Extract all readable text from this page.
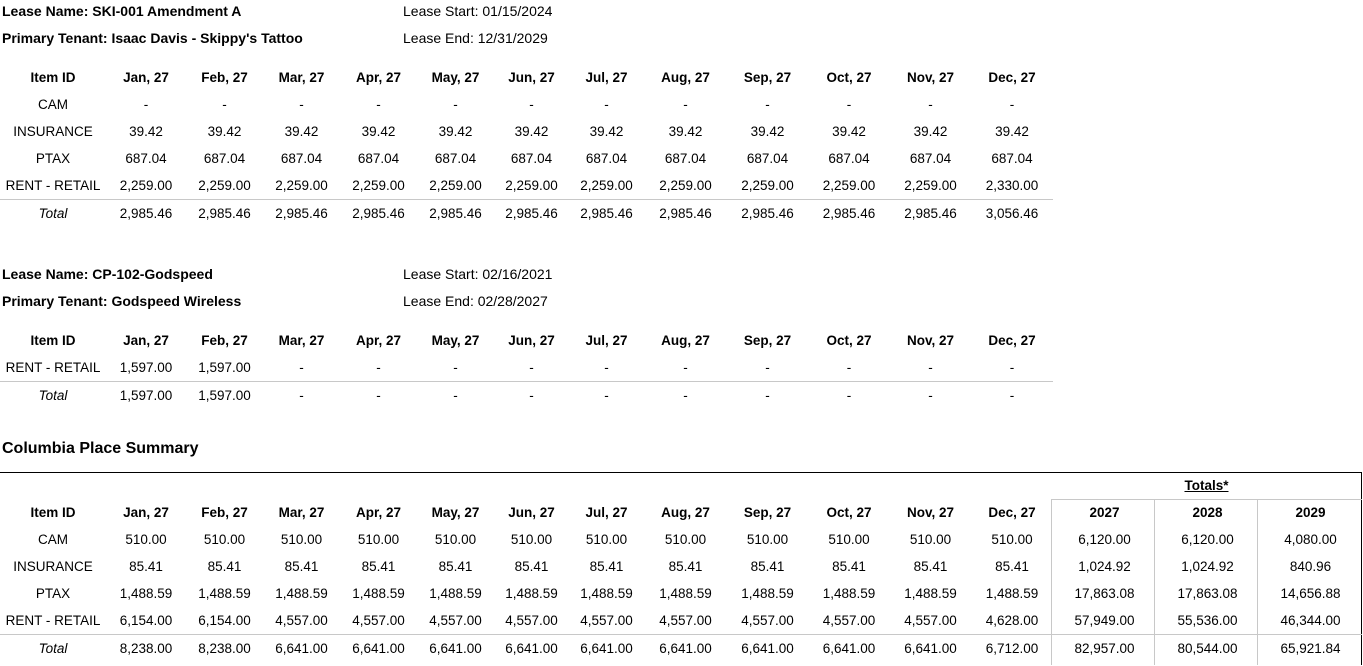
Lease Name: SKI-001 Amendment A
Primary Tenant: Isaac Davis - Skippy's Tattoo
Lease Start: 01/15/2024
Lease End: 12/31/2029
Item ID	Jan, 27	Feb, 27	Mar, 27	Apr, 27	May, 27	Jun, 27	Jul, 27	Aug, 27	Sep, 27	Oct, 27	Nov, 27	Dec, 27
CAM	-	-	-	-	-	-	-	-	-	-	-	-
INSURANCE	39.42	39.42	39.42	39.42	39.42	39.42	39.42	39.42	39.42	39.42	39.42	39.42
PTAX	687.04	687.04	687.04	687.04	687.04	687.04	687.04	687.04	687.04	687.04	687.04	687.04
RENT - RETAIL	2,259.00	2,259.00	2,259.00	2,259.00	2,259.00	2,259.00	2,259.00	2,259.00	2,259.00	2,259.00	2,259.00	2,330.00
Total	2,985.46	2,985.46	2,985.46	2,985.46	2,985.46	2,985.46	2,985.46	2,985.46	2,985.46	2,985.46	2,985.46	3,056.46
Lease Name: CP-102-Godspeed
Primary Tenant: Godspeed Wireless
Lease Start: 02/16/2021
Lease End: 02/28/2027
Item ID	Jan, 27	Feb, 27	Mar, 27	Apr, 27	May, 27	Jun, 27	Jul, 27	Aug, 27	Sep, 27	Oct, 27	Nov, 27	Dec, 27
RENT - RETAIL	1,597.00	1,597.00	-	-	-	-	-	-	-	-	-	-
Total	1,597.00	1,597.00	-	-	-	-	-	-	-	-	-	-
Columbia Place Summary
Totals*
Item ID	Jan, 27	Feb, 27	Mar, 27	Apr, 27	May, 27	Jun, 27	Jul, 27	Aug, 27	Sep, 27	Oct, 27	Nov, 27	Dec, 27	2027	2028	2029
CAM	510.00	510.00	510.00	510.00	510.00	510.00	510.00	510.00	510.00	510.00	510.00	510.00	6,120.00	6,120.00	4,080.00
INSURANCE	85.41	85.41	85.41	85.41	85.41	85.41	85.41	85.41	85.41	85.41	85.41	85.41	1,024.92	1,024.92	840.96
PTAX	1,488.59	1,488.59	1,488.59	1,488.59	1,488.59	1,488.59	1,488.59	1,488.59	1,488.59	1,488.59	1,488.59	1,488.59	17,863.08	17,863.08	14,656.88
RENT - RETAIL	6,154.00	6,154.00	4,557.00	4,557.00	4,557.00	4,557.00	4,557.00	4,557.00	4,557.00	4,557.00	4,557.00	4,628.00	57,949.00	55,536.00	46,344.00
Total	8,238.00	8,238.00	6,641.00	6,641.00	6,641.00	6,641.00	6,641.00	6,641.00	6,641.00	6,641.00	6,641.00	6,712.00	82,957.00	80,544.00	65,921.84
